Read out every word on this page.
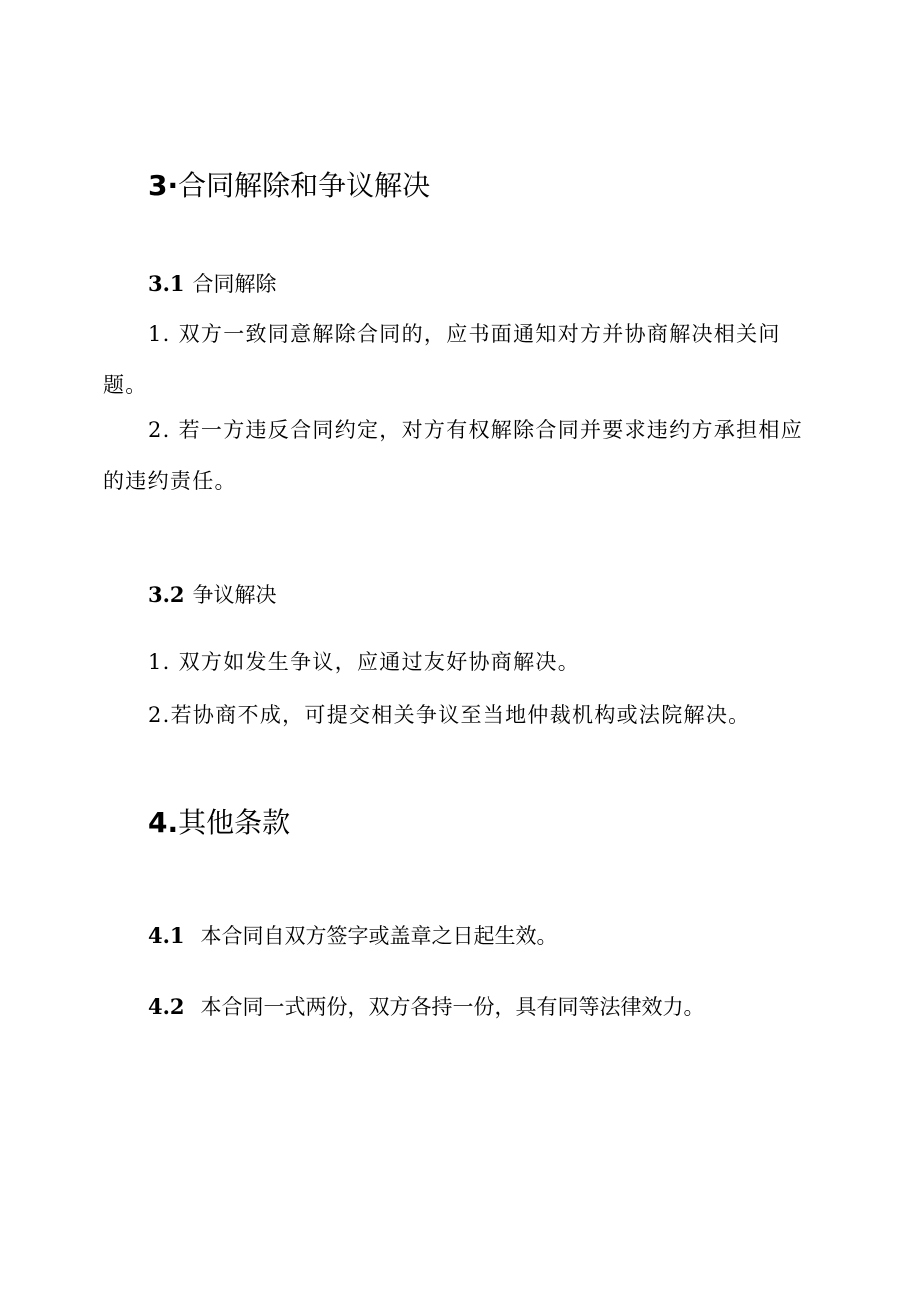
3·合同解除和争议解决
3.1 合同解除
1. 双方一致同意解除合同的，应书面通知对方并协商解决相关问题。
2. 若一方违反合同约定，对方有权解除合同并要求违约方承担相应的违约责任。
3.2 争议解决
1. 双方如发生争议，应通过友好协商解决。
2.若协商不成，可提交相关争议至当地仲裁机构或法院解决。
4.其他条款
4.1 本合同自双方签字或盖章之日起生效。
4.2 本合同一式两份，双方各持一份，具有同等法律效力。
